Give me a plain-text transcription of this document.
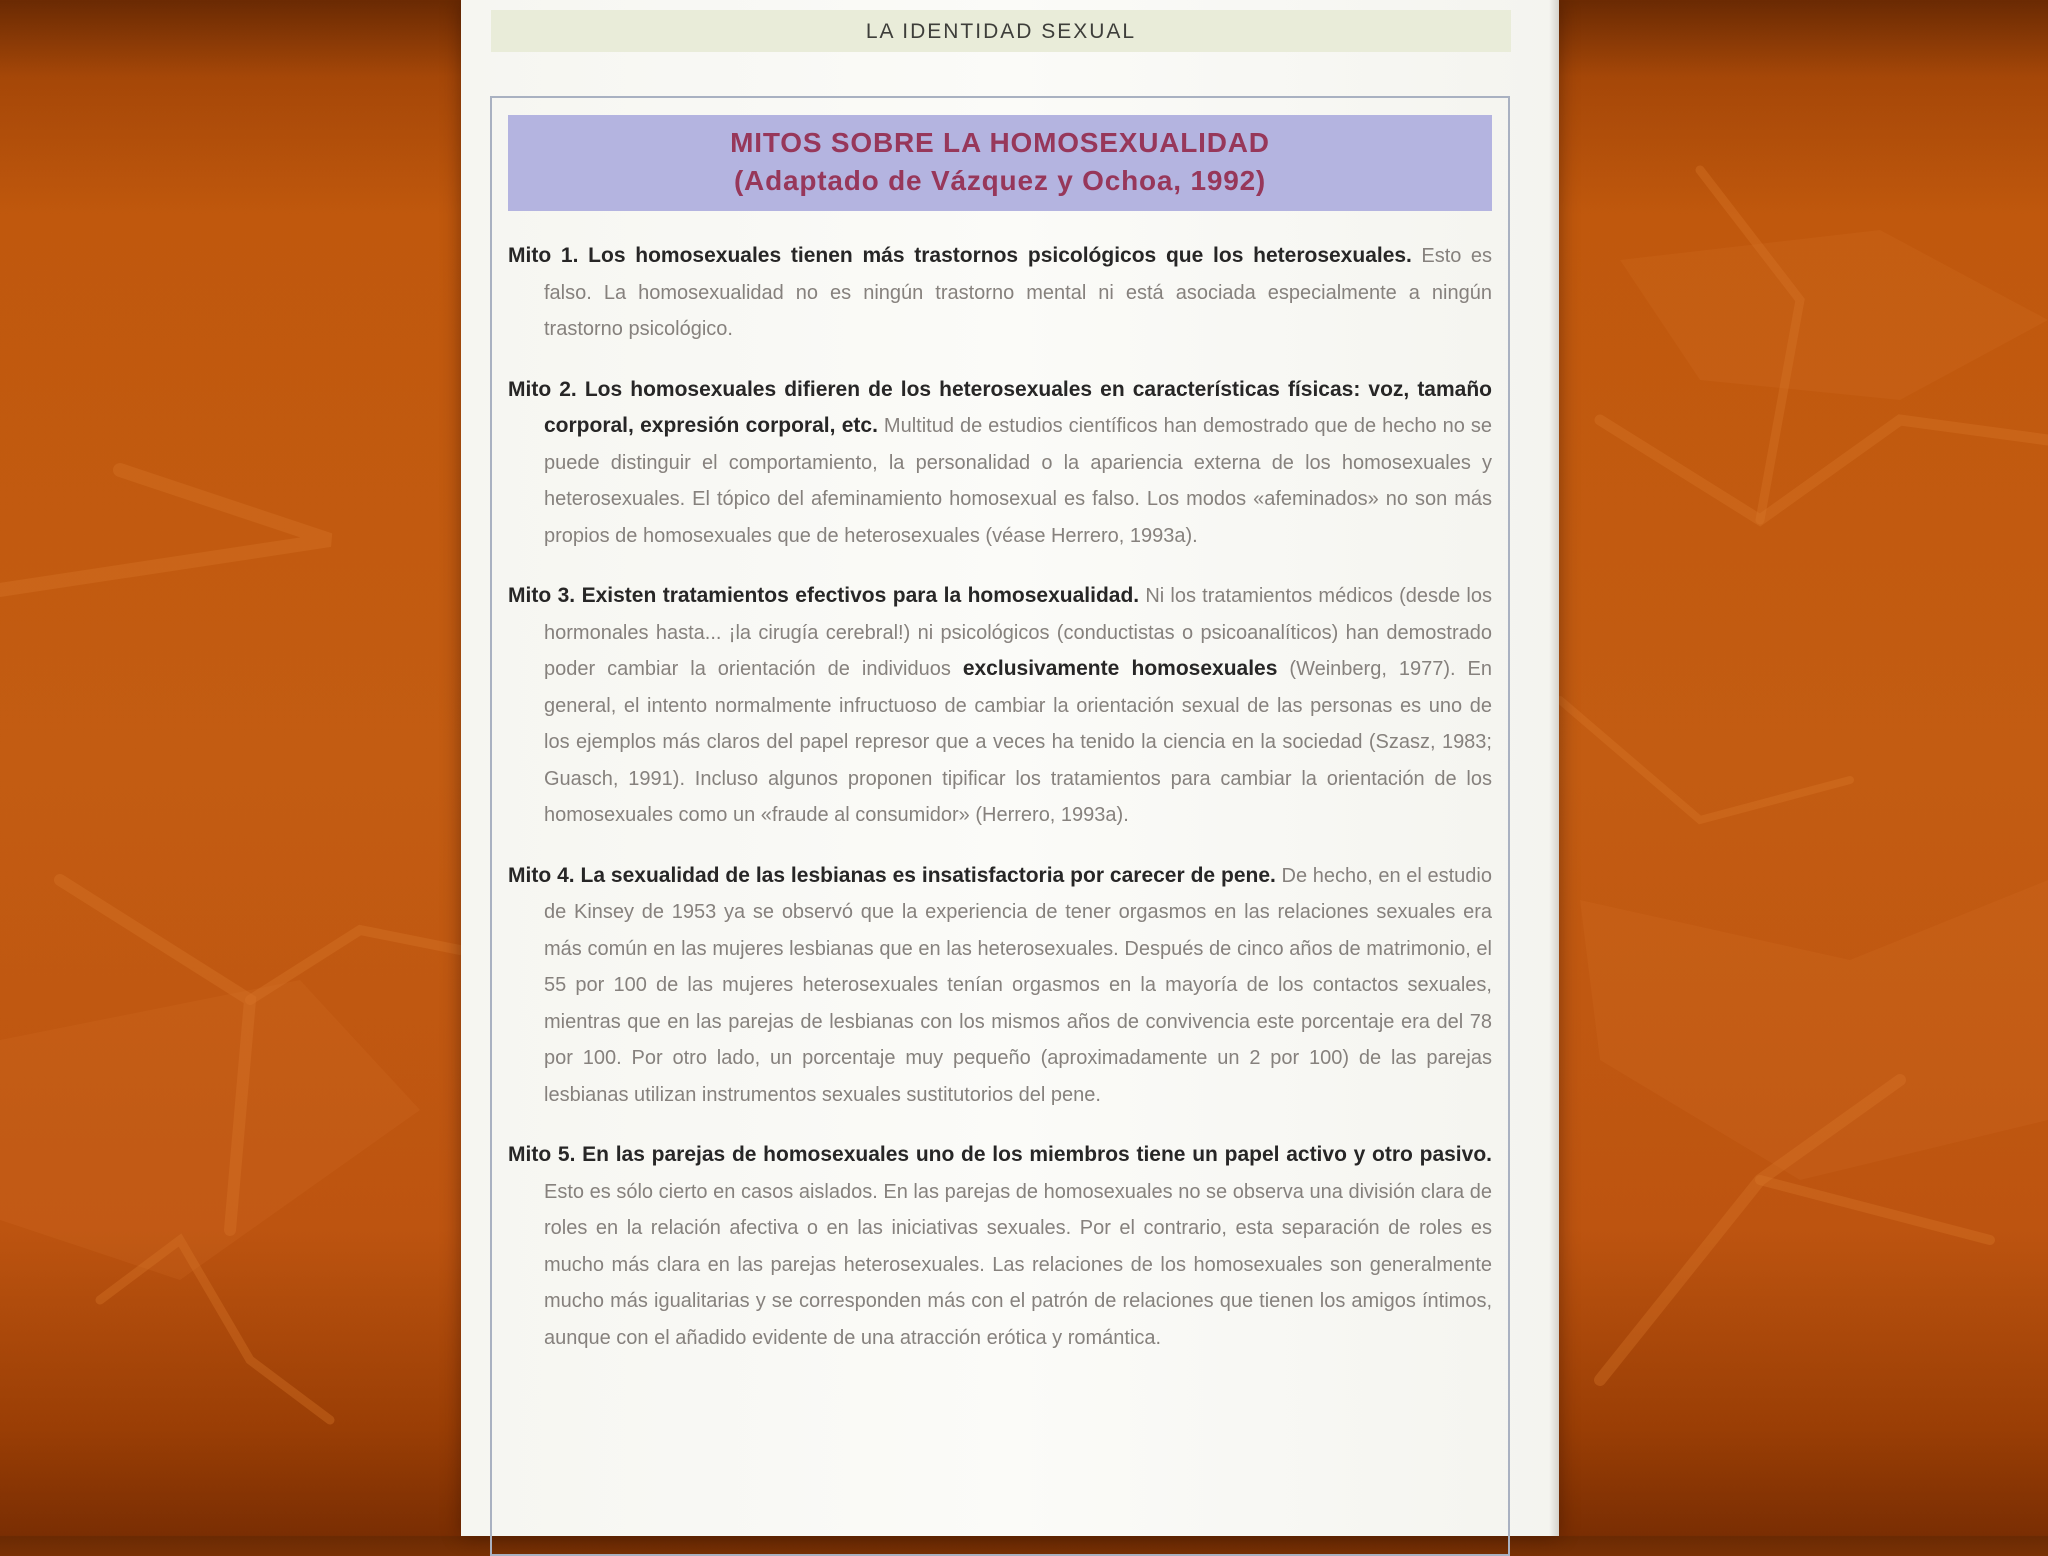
LA IDENTIDAD SEXUAL
MITOS SOBRE LA HOMOSEXUALIDAD
(Adaptado de Vázquez y Ochoa, 1992)
Mito 1. Los homosexuales tienen más trastornos psicológicos que los heterosexuales. Esto es falso. La homosexualidad no es ningún trastorno mental ni está asociada especialmente a ningún trastorno psicológico.
Mito 2. Los homosexuales difieren de los heterosexuales en características físicas: voz, tamaño corporal, expresión corporal, etc. Multitud de estudios científicos han demostrado que de hecho no se puede distinguir el comportamiento, la personalidad o la apariencia externa de los homosexuales y heterosexuales. El tópico del afeminamiento homosexual es falso. Los modos «afeminados» no son más propios de homosexuales que de heterosexuales (véase Herrero, 1993a).
Mito 3. Existen tratamientos efectivos para la homosexualidad. Ni los tratamientos médicos (desde los hormonales hasta... ¡la cirugía cerebral!) ni psicológicos (conductistas o psicoanalíticos) han demostrado poder cambiar la orientación de individuos exclusivamente homosexuales (Weinberg, 1977). En general, el intento normalmente infructuoso de cambiar la orientación sexual de las personas es uno de los ejemplos más claros del papel represor que a veces ha tenido la ciencia en la sociedad (Szasz, 1983; Guasch, 1991). Incluso algunos proponen tipificar los tratamientos para cambiar la orientación de los homosexuales como un «fraude al consumidor» (Herrero, 1993a).
Mito 4. La sexualidad de las lesbianas es insatisfactoria por carecer de pene. De hecho, en el estudio de Kinsey de 1953 ya se observó que la experiencia de tener orgasmos en las relaciones sexuales era más común en las mujeres lesbianas que en las heterosexuales. Después de cinco años de matrimonio, el 55 por 100 de las mujeres heterosexuales tenían orgasmos en la mayoría de los contactos sexuales, mientras que en las parejas de lesbianas con los mismos años de convivencia este porcentaje era del 78 por 100. Por otro lado, un porcentaje muy pequeño (aproximadamente un 2 por 100) de las parejas lesbianas utilizan instrumentos sexuales sustitutorios del pene.
Mito 5. En las parejas de homosexuales uno de los miembros tiene un papel activo y otro pasivo. Esto es sólo cierto en casos aislados. En las parejas de homosexuales no se observa una división clara de roles en la relación afectiva o en las iniciativas sexuales. Por el contrario, esta separación de roles es mucho más clara en las parejas heterosexuales. Las relaciones de los homosexuales son generalmente mucho más igualitarias y se corresponden más con el patrón de relaciones que tienen los amigos íntimos, aunque con el añadido evidente de una atracción erótica y romántica.
